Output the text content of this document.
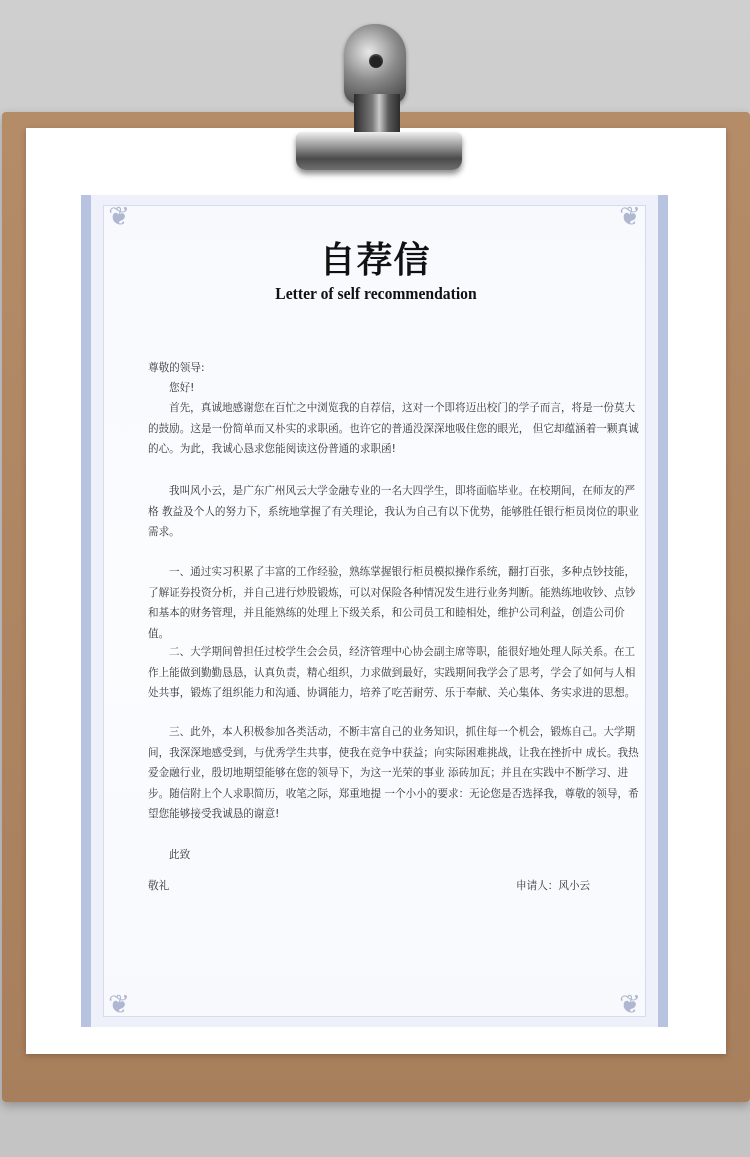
❦	❦
❦	❦
自荐信
Letter of self recommendation

尊敬的领导:

您好!

首先，真诚地感谢您在百忙之中浏览我的自荐信，这对一个即将迈出校门的学子而言，将是一份莫大的鼓励。这是一份简单而又朴实的求职函。也许它的普通没深深地吸住您的眼光， 但它却蕴涵着一颗真诚的心。为此，我诚心恳求您能阅读这份普通的求职函!

我叫风小云，是广东广州风云大学金融专业的一名大四学生，即将面临毕业。在校期间，在师友的严格 教益及个人的努力下，系统地掌握了有关理论，我认为自己有以下优势，能够胜任银行柜员岗位的职业需求。

一、通过实习积累了丰富的工作经验，熟练掌握银行柜员模拟操作系统，翻打百张，多种点钞技能，了解证券投资分析，并自己进行炒股锻炼，可以对保险各种情况发生进行业务判断。能熟练地收钞、点钞和基本的财务管理，并且能熟练的处理上下级关系，和公司员工和睦相处，维护公司利益，创造公司价值。

二、大学期间曾担任过校学生会会员，经济管理中心协会副主席等职，能很好地处理人际关系。在工作上能做到勤勤恳恳，认真负责，精心组织，力求做到最好，实践期间我学会了思考，学会了如何与人相处共事，锻炼了组织能力和沟通、协调能力，培养了吃苦耐劳、乐于奉献、关心集体、务实求进的思想。

三、此外，本人积极参加各类活动，不断丰富自己的业务知识，抓住每一个机会，锻炼自己。大学期间，我深深地感受到，与优秀学生共事，使我在竞争中获益；向实际困难挑战，让我在挫折中 成长。我热爱金融行业，殷切地期望能够在您的领导下，为这一光荣的事业 添砖加瓦；并且在实践中不断学习、进步。随信附上个人求职简历，收笔之际，郑重地提 一个小小的要求：无论您是否选择我，尊敬的领导，希望您能够接受我诚恳的谢意!

此致

敬礼	申请人：风小云
